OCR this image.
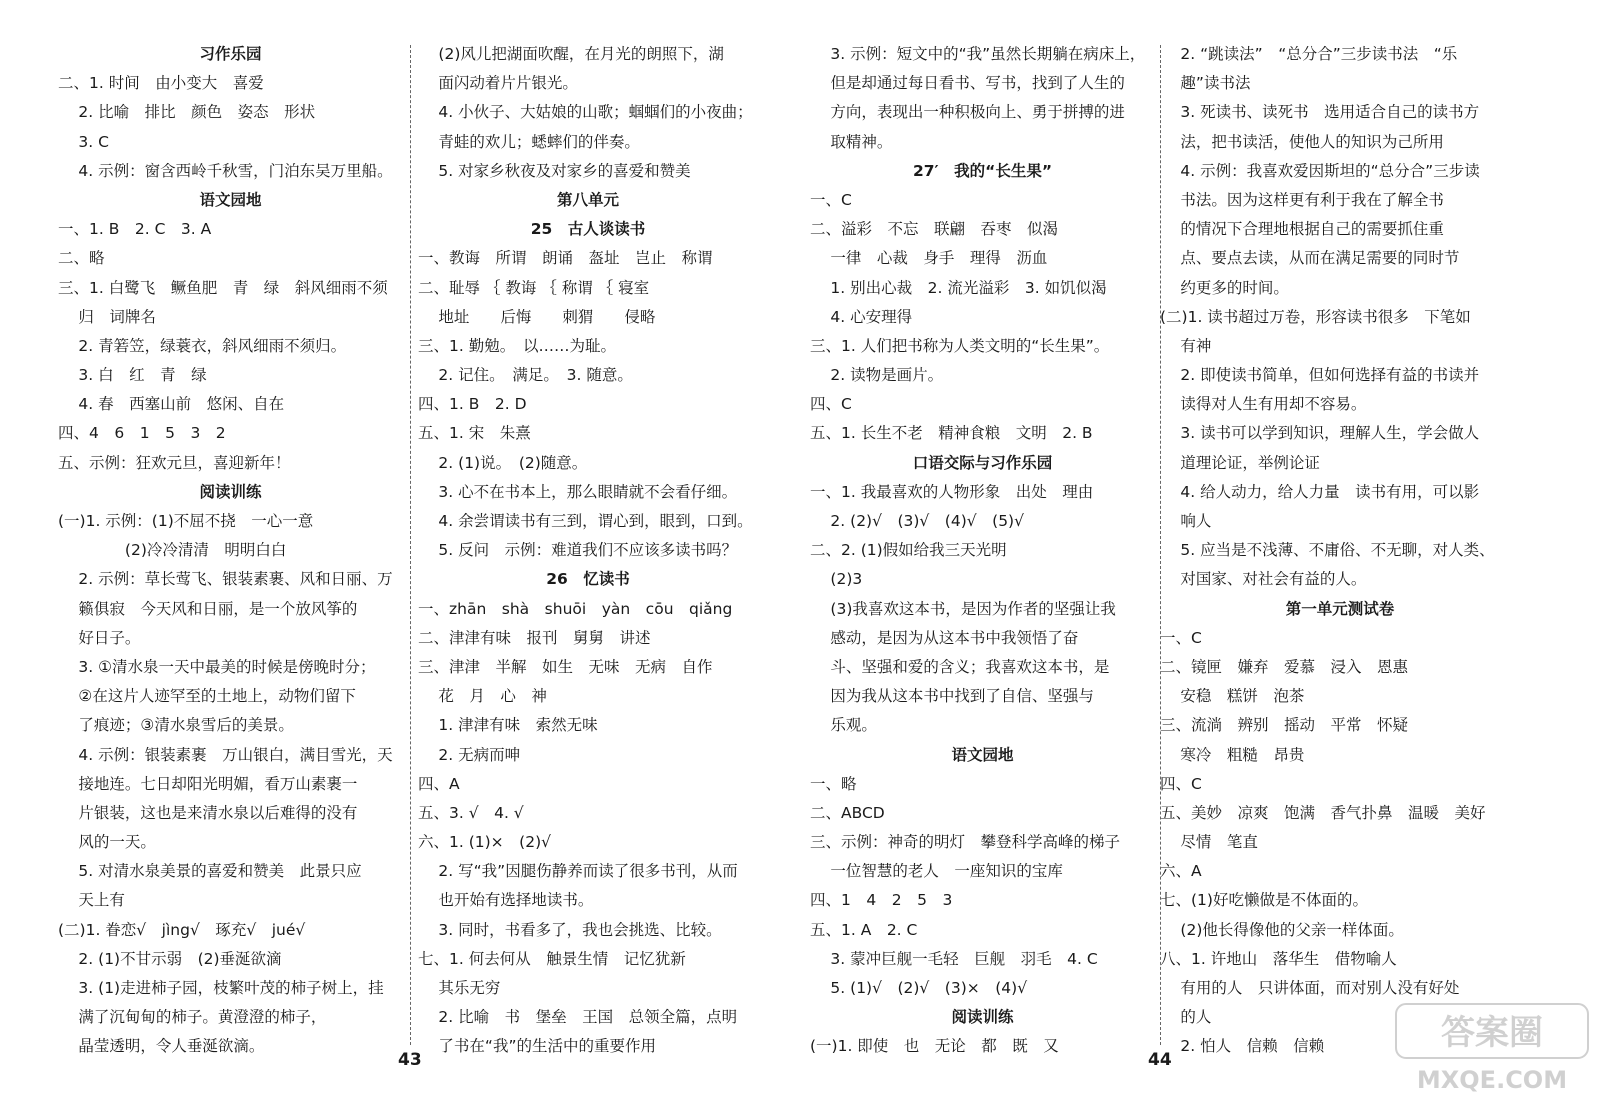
习作乐园
二、1. 时间　由小变大　喜爱
　 2. 比喻　排比　颜色　姿态　形状
　 3. C
　 4. 示例：窗含西岭千秋雪，门泊东吴万里船。
语文园地
一、1. B　2. C　3. A
二、略
三、1. 白鹭飞　鳜鱼肥　青　绿　斜风细雨不须
　 归　词牌名
　 2. 青箬笠，绿蓑衣，斜风细雨不须归。
　 3. 白　红　青　绿
　 4. 春　西塞山前　悠闲、自在
四、4　6　1　5　3　2
五、示例：狂欢元旦，喜迎新年！
阅读训练
(一)1. 示例：(1)不屈不挠　一心一意
　　　　 (2)冷冷清清　明明白白
　 2. 示例：草长莺飞、银装素裹、风和日丽、万
　 籁俱寂　今天风和日丽，是一个放风筝的
　 好日子。
　 3. ①清水泉一天中最美的时候是傍晚时分；
　 ②在这片人迹罕至的土地上，动物们留下
　 了痕迹；③清水泉雪后的美景。
　 4. 示例：银装素裹　万山银白，满目雪光，天
　 接地连。七日却阳光明媚，看万山素裹一
　 片银装，这也是来清水泉以后难得的没有
　 风的一天。
　 5. 对清水泉美景的喜爱和赞美　此景只应
　 天上有
(二)1. 眷恋√　jìng√　琢充√　jué√
　 2. (1)不甘示弱　(2)垂涎欲滴
　 3. (1)走进柿子园，枝繁叶茂的柿子树上，挂
　 满了沉甸甸的柿子。黄澄澄的柿子，
　 晶莹透明，令人垂涎欲滴。
　 (2)风儿把湖面吹醒，在月光的朗照下，湖
　 面闪动着片片银光。
　 4. 小伙子、大姑娘的山歌；蝈蝈们的小夜曲；
　 青蛙的欢儿；蟋蟀们的伴奏。
　 5. 对家乡秋夜及对家乡的喜爱和赞美
第八单元
25　古人谈读书
一、教诲　所谓　朗诵　盔址　岂止　称谓
二、耻辱 ｛ 教诲 ｛ 称谓 ｛ 寝室
　 地址　　后悔　　刺猬　　侵略
三、1. 勤勉。　以……为耻。
　 2. 记住。　满足。　3. 随意。
四、1. B　2. D
五、1. 宋　朱熹
　 2. (1)说。　(2)随意。
　 3. 心不在书本上，那么眼睛就不会看仔细。
　 4. 余尝谓读书有三到，谓心到，眼到，口到。
　 5. 反问　示例：难道我们不应该多读书吗？
26　忆读书
一、zhān　shà　shuōi　yàn　cōu　qiǎng
二、津津有味　报刊　舅舅　讲述
三、津津　半解　如生　无味　无病　自作
　 花　月　心　神
　 1. 津津有味　索然无味
　 2. 无病而呻
四、A
五、3. √　4. √
六、1. (1)×　(2)√
　 2. 写“我”因腿伤静养而读了很多书刊，从而
　 也开始有选择地读书。
　 3. 同时，书看多了，我也会挑选、比较。
七、1. 何去何从　触景生情　记忆犹新
　 其乐无穷
　 2. 比喻　书　堡垒　王国　总领全篇，点明
　 了书在“我”的生活中的重要作用
　 3. 示例：短文中的“我”虽然长期躺在病床上，
　 但是却通过每日看书、写书，找到了人生的
　 方向，表现出一种积极向上、勇于拼搏的进
　 取精神。
27′　我的“长生果”
一、C
二、溢彩　不忘　联翩　吞枣　似渴
　 一律　心裁　身手　理得　沥血
　 1. 别出心裁　2. 流光溢彩　3. 如饥似渴
　 4. 心安理得
三、1. 人们把书称为人类文明的“长生果”。
　 2. 读物是画片。
四、C
五、1. 长生不老　精神食粮　文明　2. B
口语交际与习作乐园
一、1. 我最喜欢的人物形象　出处　理由
　 2. (2)√　(3)√　(4)√　(5)√
二、2. (1)假如给我三天光明
　 (2)3
　 (3)我喜欢这本书，是因为作者的坚强让我
　 感动，是因为从这本书中我领悟了奋
　 斗、坚强和爱的含义；我喜欢这本书，是
　 因为我从这本书中找到了自信、坚强与
　 乐观。
语文园地
一、略
二、ABCD
三、示例：神奇的明灯　攀登科学高峰的梯子
　 一位智慧的老人　一座知识的宝库
四、1　4　2　5　3
五、1. A　2. C
　 3. 蒙冲巨舰一毛轻　巨舰　羽毛　4. C
　 5. (1)√　(2)√　(3)×　(4)√
阅读训练
(一)1. 即使　也　无论　都　既　又
　 2. “跳读法”　“总分合”三步读书法　“乐
　 趣”读书法
　 3. 死读书、读死书　选用适合自己的读书方
　 法，把书读活，使他人的知识为己所用
　 4. 示例：我喜欢爱因斯坦的“总分合”三步读
　 书法。因为这样更有利于我在了解全书
　 的情况下合理地根据自己的需要抓住重
　 点、要点去读，从而在满足需要的同时节
　 约更多的时间。
(二)1. 读书超过万卷，形容读书很多　下笔如
　 有神
　 2. 即使读书简单，但如何选择有益的书读并
　 读得对人生有用却不容易。
　 3. 读书可以学到知识，理解人生，学会做人
　 道理论证，举例论证
　 4. 给人动力，给人力量　读书有用，可以影
　 响人
　 5. 应当是不浅薄、不庸俗、不无聊，对人类、
　 对国家、对社会有益的人。
第一单元测试卷
一、C
二、镜匣　嫌弃　爱慕　浸入　恩惠
　 安稳　糕饼　泡茶
三、流淌　辨别　摇动　平常　怀疑
　 寒冷　粗糙　昂贵
四、C
五、美妙　凉爽　饱满　香气扑鼻　温暖　美好
　 尽情　笔直
六、A
七、(1)好吃懒做是不体面的。
　 (2)他长得像他的父亲一样体面。
八、1. 许地山　落华生　借物喻人
　 有用的人　只讲体面，而对别人没有好处
　 的人
　 2. 怕人　信赖　信赖
43	44
答案圈
MXQE.COM
